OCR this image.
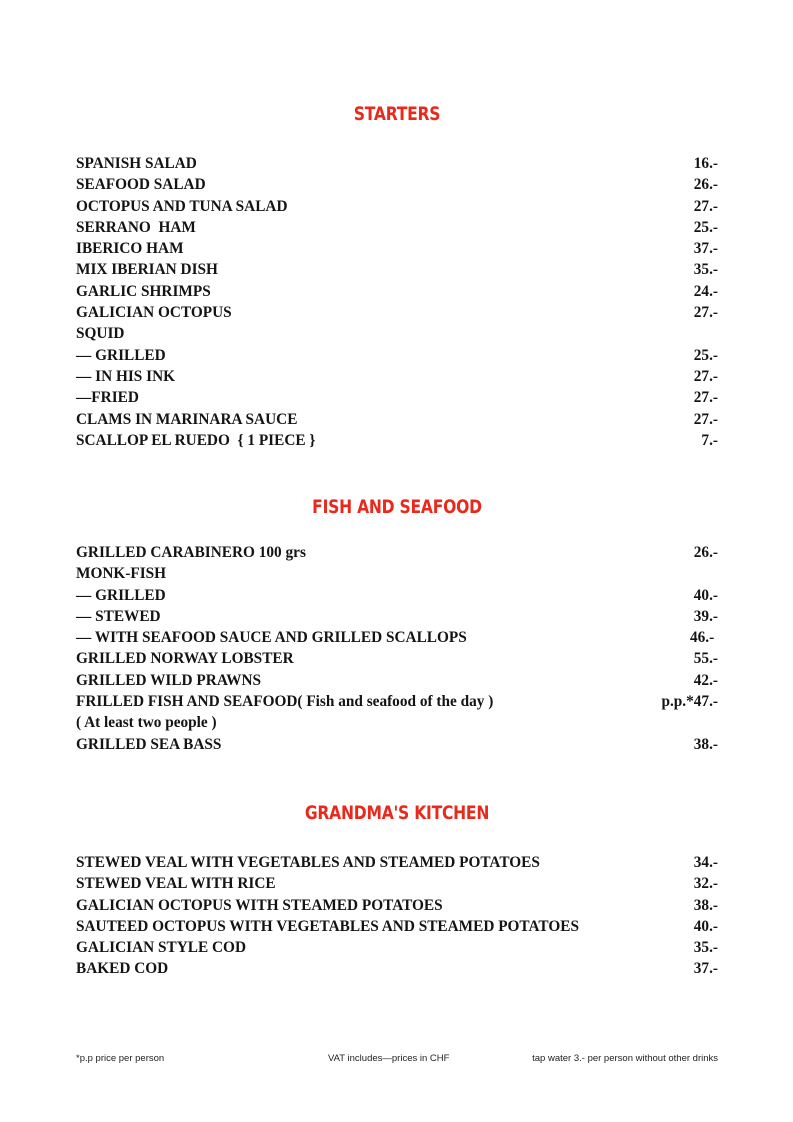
STARTERS
SPANISH SALAD	16.-
SEAFOOD SALAD	26.-
OCTOPUS AND TUNA SALAD	27.-
SERRANO  HAM	25.-
IBERICO HAM	37.-
MIX IBERIAN DISH	35.-
GARLIC SHRIMPS	24.-
GALICIAN OCTOPUS	27.-
SQUID
— GRILLED	25.-
— IN HIS INK	27.-
—FRIED	27.-
CLAMS IN MARINARA SAUCE	27.-
SCALLOP EL RUEDO  { 1 PIECE }	7.-
FISH AND SEAFOOD
GRILLED CARABINERO 100 grs	26.-
MONK-FISH
— GRILLED	40.-
— STEWED	39.-
— WITH SEAFOOD SAUCE AND GRILLED SCALLOPS	46.-
GRILLED NORWAY LOBSTER	55.-
GRILLED WILD PRAWNS	42.-
FRILLED FISH AND SEAFOOD( Fish and seafood of the day )	p.p.*47.-
( At least two people )
GRILLED SEA BASS	38.-
GRANDMA'S KITCHEN
STEWED VEAL WITH VEGETABLES AND STEAMED POTATOES	34.-
STEWED VEAL WITH RICE	32.-
GALICIAN OCTOPUS WITH STEAMED POTATOES	38.-
SAUTEED OCTOPUS WITH VEGETABLES AND STEAMED POTATOES	40.-
GALICIAN STYLE COD	35.-
BAKED COD	37.-
*p.p price per person	VAT includes—prices in CHF	tap water 3.- per person without other drinks
